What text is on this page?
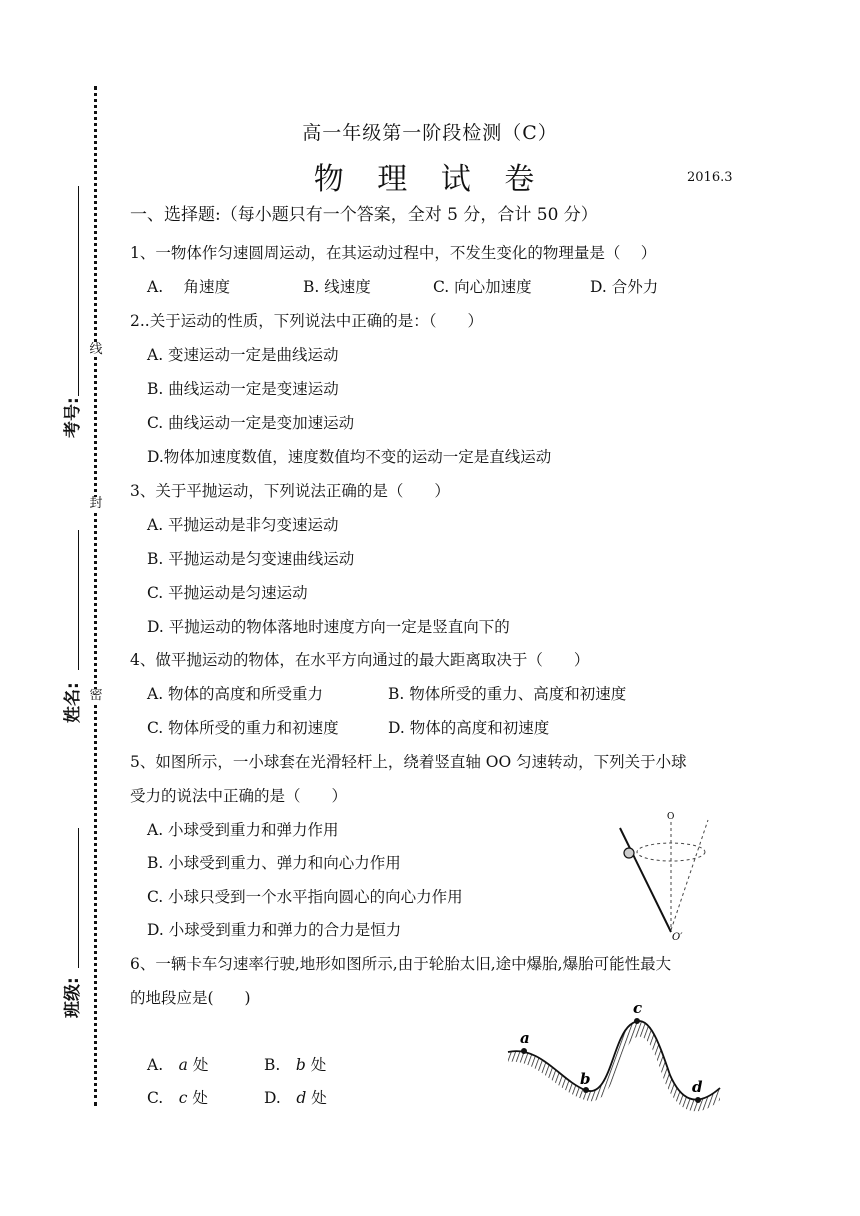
线
封
密
考号:
姓名:
班级:
高一年级第一阶段检测（C）
物 理 试 卷	2016.3
一、选择题:（每小题只有一个答案，全对 5 分，合计 50 分）
1、一物体作匀速圆周运动，在其运动过程中，不发生变化的物理量是（　 ）
A.　 角速度	B. 线速度	C. 向心加速度	D. 合外力
2..关于运动的性质，下列说法中正确的是：（　　）
A. 变速运动一定是曲线运动
B. 曲线运动一定是变速运动
C. 曲线运动一定是变加速运动
D.物体加速度数值，速度数值均不变的运动一定是直线运动
3、关于平抛运动，下列说法正确的是（　　）
A. 平抛运动是非匀变速运动
B. 平抛运动是匀变速曲线运动
C. 平抛运动是匀速运动
D. 平抛运动的物体落地时速度方向一定是竖直向下的
4、做平抛运动的物体，在水平方向通过的最大距离取决于（　　）
A. 物体的高度和所受重力	B. 物体所受的重力、高度和初速度
C. 物体所受的重力和初速度	D. 物体的高度和初速度
5、如图所示，一小球套在光滑轻杆上，绕着竖直轴 OO 匀速转动，下列关于小球
受力的说法中正确的是（　　）
A. 小球受到重力和弹力作用
B. 小球受到重力、弹力和向心力作用
C. 小球只受到一个水平指向圆心的向心力作用
D. 小球受到重力和弹力的合力是恒力
O
O′
6、一辆卡车匀速率行驶,地形如图所示,由于轮胎太旧,途中爆胎,爆胎可能性最大
的地段应是(　　)
A.　 a 处	B.　 b 处
C.　 c 处	D.　 d 处
a
b
c
d
